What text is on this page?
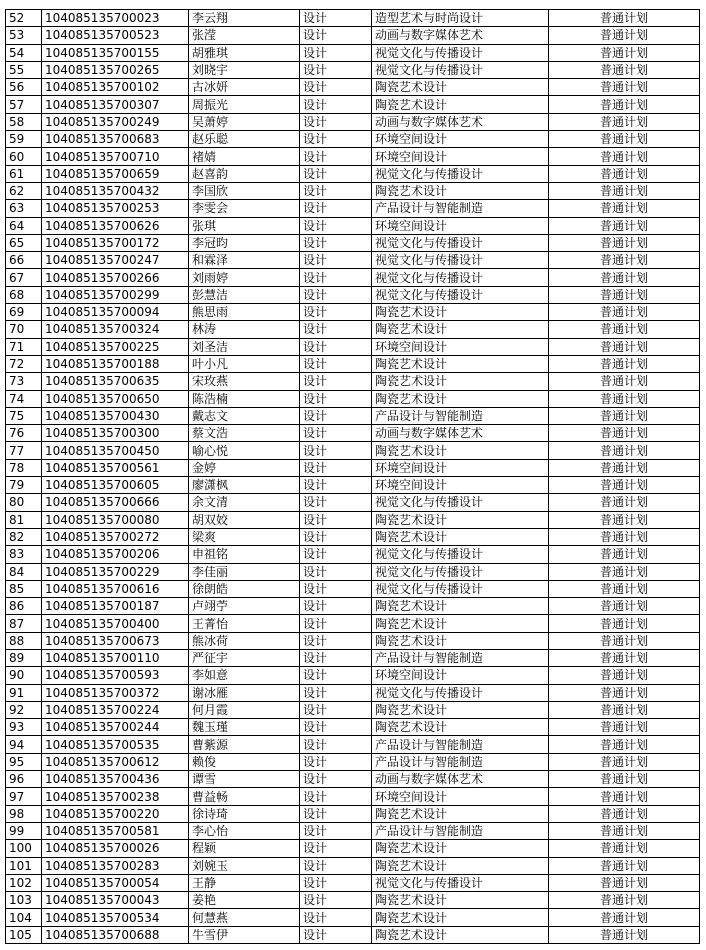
52	104085135700023	李云翔	设计	造型艺术与时尚设计	普通计划
53	104085135700523	张滢	设计	动画与数字媒体艺术	普通计划
54	104085135700155	胡雅琪	设计	视觉文化与传播设计	普通计划
55	104085135700265	刘晓宇	设计	视觉文化与传播设计	普通计划
56	104085135700102	古冰妍	设计	陶瓷艺术设计	普通计划
57	104085135700307	周振光	设计	陶瓷艺术设计	普通计划
58	104085135700249	吴萧婷	设计	动画与数字媒体艺术	普通计划
59	104085135700683	赵乐聪	设计	环境空间设计	普通计划
60	104085135700710	褚婧	设计	环境空间设计	普通计划
61	104085135700659	赵喜韵	设计	视觉文化与传播设计	普通计划
62	104085135700432	李国欣	设计	陶瓷艺术设计	普通计划
63	104085135700253	李雯会	设计	产品设计与智能制造	普通计划
64	104085135700626	张琪	设计	环境空间设计	普通计划
65	104085135700172	李冠昀	设计	视觉文化与传播设计	普通计划
66	104085135700247	和霖泽	设计	视觉文化与传播设计	普通计划
67	104085135700266	刘雨婷	设计	视觉文化与传播设计	普通计划
68	104085135700299	彭慧洁	设计	视觉文化与传播设计	普通计划
69	104085135700094	熊思雨	设计	陶瓷艺术设计	普通计划
70	104085135700324	林涛	设计	陶瓷艺术设计	普通计划
71	104085135700225	刘圣洁	设计	环境空间设计	普通计划
72	104085135700188	叶小凡	设计	陶瓷艺术设计	普通计划
73	104085135700635	宋玫燕	设计	陶瓷艺术设计	普通计划
74	104085135700650	陈浩楠	设计	陶瓷艺术设计	普通计划
75	104085135700430	戴志文	设计	产品设计与智能制造	普通计划
76	104085135700300	蔡文浩	设计	动画与数字媒体艺术	普通计划
77	104085135700450	喻心悦	设计	陶瓷艺术设计	普通计划
78	104085135700561	金婷	设计	环境空间设计	普通计划
79	104085135700605	廖潇枫	设计	环境空间设计	普通计划
80	104085135700666	余文清	设计	视觉文化与传播设计	普通计划
81	104085135700080	胡双姣	设计	陶瓷艺术设计	普通计划
82	104085135700272	梁爽	设计	陶瓷艺术设计	普通计划
83	104085135700206	申祖铭	设计	视觉文化与传播设计	普通计划
84	104085135700229	李佳丽	设计	视觉文化与传播设计	普通计划
85	104085135700616	徐朗皓	设计	视觉文化与传播设计	普通计划
86	104085135700187	卢翊苧	设计	陶瓷艺术设计	普通计划
87	104085135700400	王菁怡	设计	陶瓷艺术设计	普通计划
88	104085135700673	熊冰荷	设计	陶瓷艺术设计	普通计划
89	104085135700110	严征宇	设计	产品设计与智能制造	普通计划
90	104085135700593	李如意	设计	环境空间设计	普通计划
91	104085135700372	谢冰雁	设计	视觉文化与传播设计	普通计划
92	104085135700224	何月霞	设计	陶瓷艺术设计	普通计划
93	104085135700244	魏玉瑾	设计	陶瓷艺术设计	普通计划
94	104085135700535	曹紫源	设计	产品设计与智能制造	普通计划
95	104085135700612	赖俊	设计	产品设计与智能制造	普通计划
96	104085135700436	谭雪	设计	动画与数字媒体艺术	普通计划
97	104085135700238	曹益畅	设计	环境空间设计	普通计划
98	104085135700220	徐诗琦	设计	陶瓷艺术设计	普通计划
99	104085135700581	李心怡	设计	产品设计与智能制造	普通计划
100	104085135700026	程颖	设计	陶瓷艺术设计	普通计划
101	104085135700283	刘婉玉	设计	陶瓷艺术设计	普通计划
102	104085135700054	王静	设计	视觉文化与传播设计	普通计划
103	104085135700043	姜艳	设计	陶瓷艺术设计	普通计划
104	104085135700534	何慧燕	设计	陶瓷艺术设计	普通计划
105	104085135700688	牛雪伊	设计	陶瓷艺术设计	普通计划
